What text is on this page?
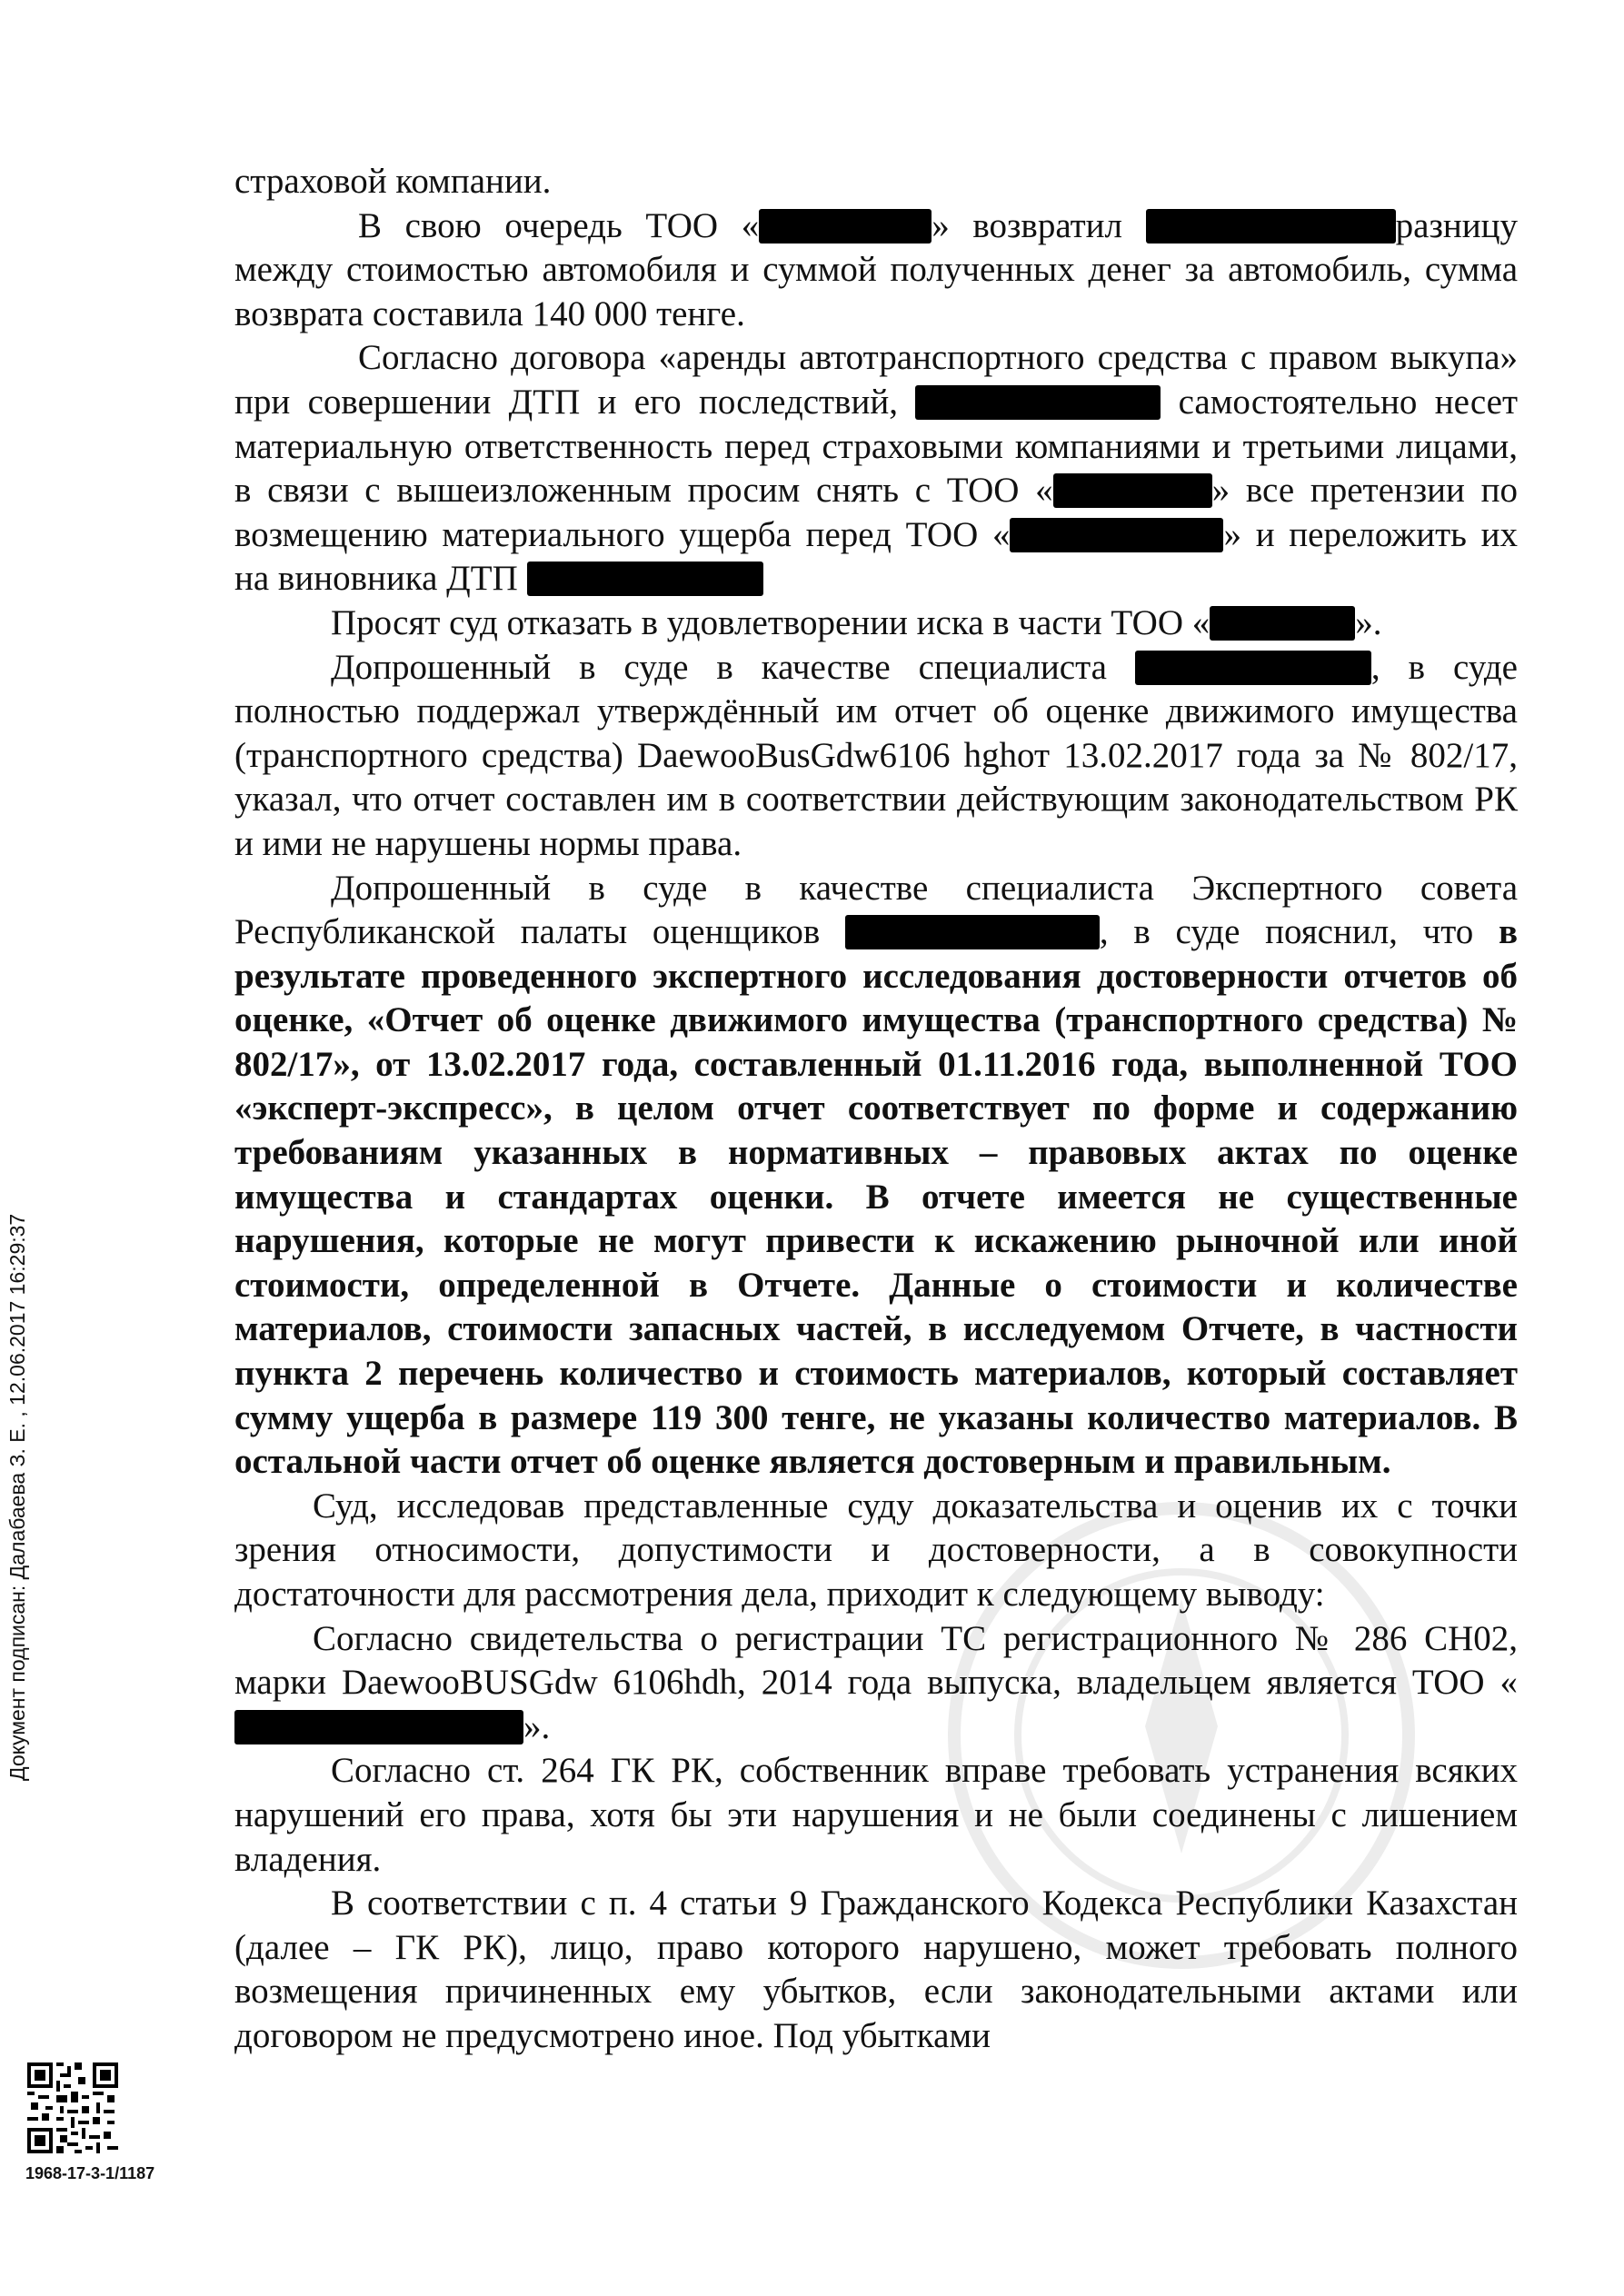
страховой компании.

В свою очередь ТОО «	» возвратил	разницу между стоимостью автомобиля и суммой полученных денег за автомобиль, сумма возврата составила 140 000 тенге.

Согласно договора «аренды автотранспортного средства с правом выкупа» при совершении ДТП и его последствий,	самостоятельно несет материальную ответственность перед страховыми компаниями и третьими лицами, в связи с вышеизложенным просим снять с ТОО «	» все претензии по возмещению материального ущерба перед ТОО «	» и переложить их на виновника ДТП

Просят суд отказать в удовлетворении иска в части ТОО «	».

Допрошенный в суде в качестве специалиста	, в суде полностью поддержал утверждённый им отчет об оценке движимого имущества (транспортного средства) DaewooBusGdw6106 hghот 13.02.2017 года за № 802/17, указал, что отчет составлен им в соответствии действующим законодательством РК и ими не нарушены нормы права.

Допрошенный в суде в качестве специалиста Экспертного совета Республиканской палаты оценщиков	, в суде пояснил, что в результате проведенного экспертного исследования достоверности отчетов об оценке, «Отчет об оценке движимого имущества (транспортного средства) № 802/17», от 13.02.2017 года, составленный 01.11.2016 года, выполненной ТОО «эксперт-экспресс», в целом отчет соответствует по форме и содержанию требованиям указанных в нормативных – правовых актах по оценке имущества и стандартах оценки. В отчете имеется не существенные нарушения, которые не могут привести к искажению рыночной или иной стоимости, определенной в Отчете. Данные о стоимости и количестве материалов, стоимости запасных частей, в исследуемом Отчете, в частности пункта 2 перечень количество и стоимость материалов, который составляет сумму ущерба в размере 119 300 тенге, не указаны количество материалов. В остальной части отчет об оценке является достоверным и правильным.

Суд, исследовав представленные суду доказательства и оценив их с точки зрения относимости, допустимости и достоверности, а в совокупности достаточности для рассмотрения дела, приходит к следующему выводу:

Согласно свидетельства о регистрации ТС регистрационного № 286 СН02, марки DaewooBUSGdw 6106hdh, 2014 года выпуска, владельцем является ТОО «».

Согласно ст. 264 ГК РК, собственник вправе требовать устранения всяких нарушений его права, хотя бы эти нарушения и не были соединены с лишением владения.

В соответствии с п. 4 статьи 9 Гражданского Кодекса Республики Казахстан (далее – ГК РК), лицо, право которого нарушено, может требовать полного возмещения причиненных ему убытков, если законодательными актами или договором не предусмотрено иное. Под убытками

Документ подписан: Далабаева З. Е. , 12.06.2017 16:29:37
1968-17-3-1/1187
